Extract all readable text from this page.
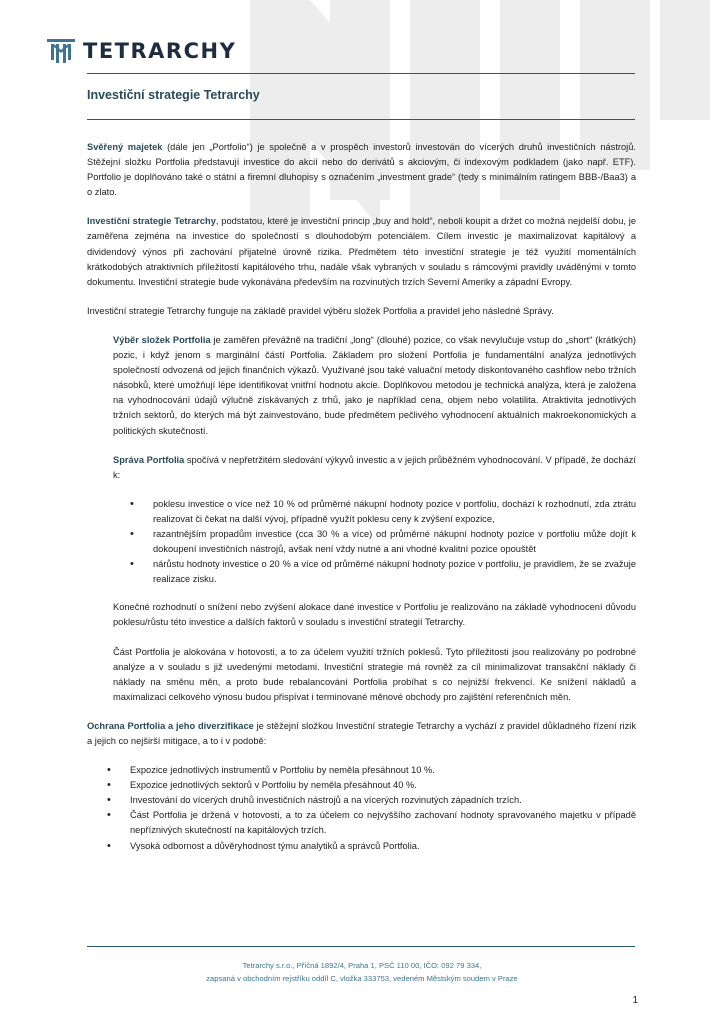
TETRARCHY
Investiční strategie Tetrarchy

Svěřený majetek (dále jen „Portfolio“) je společně a v prospěch investorů investován do vícerých druhů investičních nástrojů. Stěžejní složku Portfolia představují investice do akcií nebo do derivátů s akciovým, či indexovým podkladem (jako např. ETF). Portfolio je doplňováno také o státní a firemní dluhopisy s označením „investment grade“ (tedy s minimálním ratingem BBB-/Baa3) a o zlato.

Investiční strategie Tetrarchy, podstatou, které je investiční princip „buy and hold“, neboli koupit a držet co možná nejdelší dobu, je zaměřena zejména na investice do společností s dlouhodobým potenciálem. Cílem investic je maximalizovat kapitálový a dividendový výnos při zachování přijatelné úrovně rizika. Předmětem této investiční strategie je též využití momentálních krátkodobých atraktivních příležitostí kapitálového trhu, nadále však vybraných v souladu s rámcovými pravidly uváděnými v tomto dokumentu. Investiční strategie bude vykonávána především na rozvinutých trzích Severní Ameriky a západní Evropy.

Investiční strategie Tetrarchy funguje na základě pravidel výběru složek Portfolia a pravidel jeho následné Správy.

Výběr složek Portfolia je zaměřen převážně na tradiční „long“ (dlouhé) pozice, co však nevylučuje vstup do „short“ (krátkých) pozic, i když jenom s marginální částí Portfolia. Základem pro složení Portfolia je fundamentální analýza jednotlivých společností odvozená od jejich finančních výkazů. Využívané jsou také valuační metody diskontovaného cashflow nebo tržních násobků, které umožňují lépe identifikovat vnitřní hodnotu akcie. Doplňkovou metodou je technická analýza, která je založena na vyhodnocování údajů výlučně získávaných z trhů, jako je například cena, objem nebo volatilita. Atraktivita jednotlivých tržních sektorů, do kterých má být zainvestováno, bude předmětem pečlivého vyhodnocení aktuálních makroekonomických a politických skutečností.

Správa Portfolia spočívá v nepřetržitém sledování výkyvů investic a v jejich průběžném vyhodnocování. V případě, že dochází k:

• poklesu investice o více než 10 % od průměrné nákupní hodnoty pozice v portfoliu, dochází k rozhodnutí, zda ztrátu realizovat či čekat na další vývoj, případně využít poklesu ceny k zvýšení expozice,
• razantnějším propadům investice (cca 30 % a více) od průměrné nákupní hodnoty pozice v portfoliu může dojít k dokoupení investičních nástrojů, avšak není vždy nutné a ani vhodné kvalitní pozice opouštět
• nárůstu hodnoty investice o 20 % a více od průměrné nákupní hodnoty pozice v portfoliu, je pravidlem, že se zvažuje realizace zisku.

Konečné rozhodnutí o snížení nebo zvýšení alokace dané investice v Portfoliu je realizováno na základě vyhodnocení důvodu poklesu/růstu této investice a dalších faktorů v souladu s investiční strategií Tetrarchy.

Část Portfolia je alokována v hotovosti, a to za účelem využití tržních poklesů. Tyto příležitosti jsou realizovány po podrobné analýze a v souladu s již uvedenými metodami. Investiční strategie má rovněž za cíl minimalizovat transakční náklady či náklady na směnu měn, a proto bude rebalancování Portfolia probíhat s co nejnižší frekvencí. Ke snížení nákladů a maximalizaci celkového výnosu budou přispívat i terminované měnové obchody pro zajištění referenčních měn.

Ochrana Portfolia a jeho diverzifikace je stěžejní složkou Investiční strategie Tetrarchy a vychází z pravidel důkladného řízení rizik a jejich co nejširší mitigace, a to i v podobě:

• Expozice jednotlivých instrumentů v Portfoliu by neměla přesáhnout 10 %.
• Expozice jednotlivých sektorů v Portfoliu by neměla přesáhnout 40 %.
• Investování do vícerých druhů investičních nástrojů a na vícerých rozvinutých západních trzích.
• Část Portfolia je držená v hotovosti, a to za účelem co nejvyššího zachovaní hodnoty spravovaného majetku v případě nepříznivých skutečností na kapitálových trzích.
• Vysoká odbornost a důvěryhodnost týmu analytiků a správců Portfolia.
Tetrarchy s.r.o., Příčná 1892/4, Praha 1, PSČ 110 00, IČO: 092 79 334,
zapsaná v obchodním rejstříku oddíl C, vložka 333753, vedeném Městským soudem v Praze
1
